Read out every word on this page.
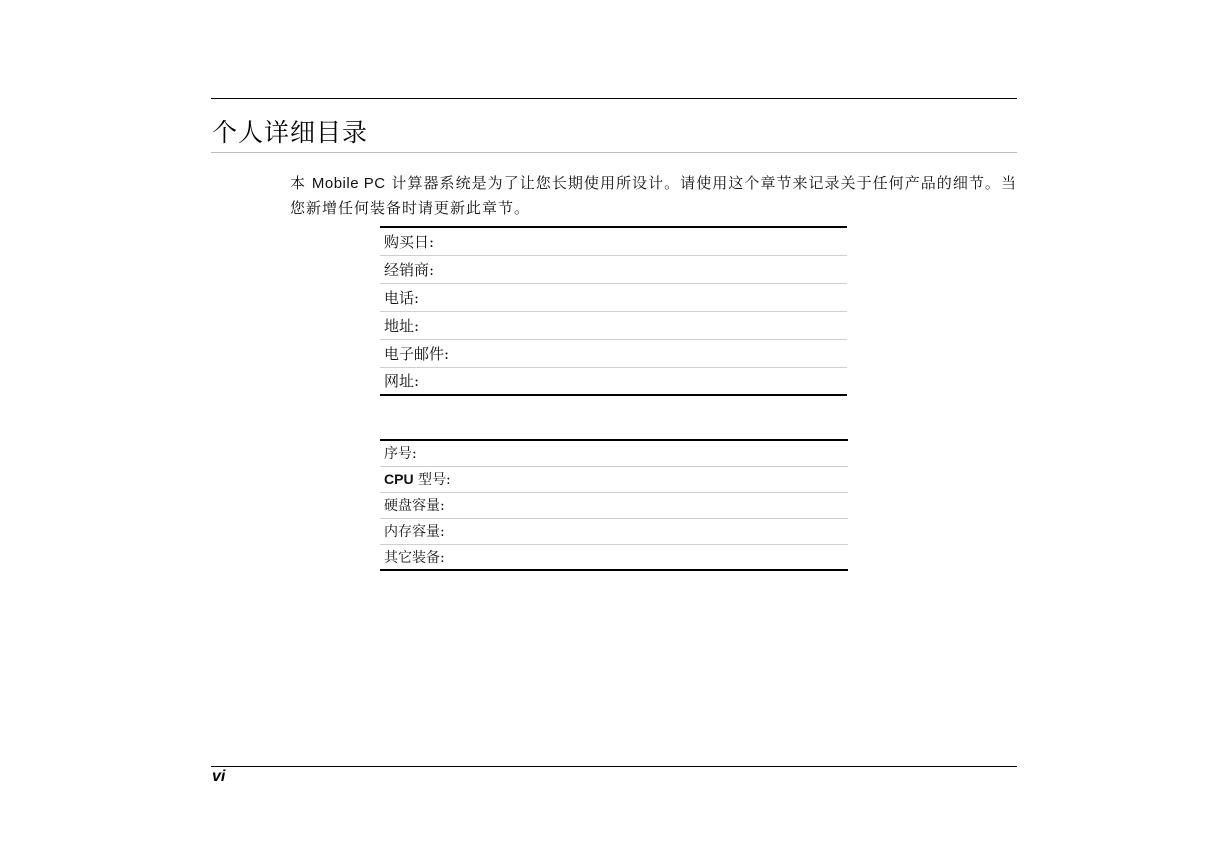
个人详细目录

本 Mobile PC 计算器系统是为了让您长期使用所设计。请使用这个章节来记录关于任何产品的细节。当您新增任何装备时请更新此章节。

购买日:
经销商:
电话:
地址:
电子邮件:
网址:
序号:
CPU 型号:
硬盘容量:
内存容量:
其它装备:
vi
